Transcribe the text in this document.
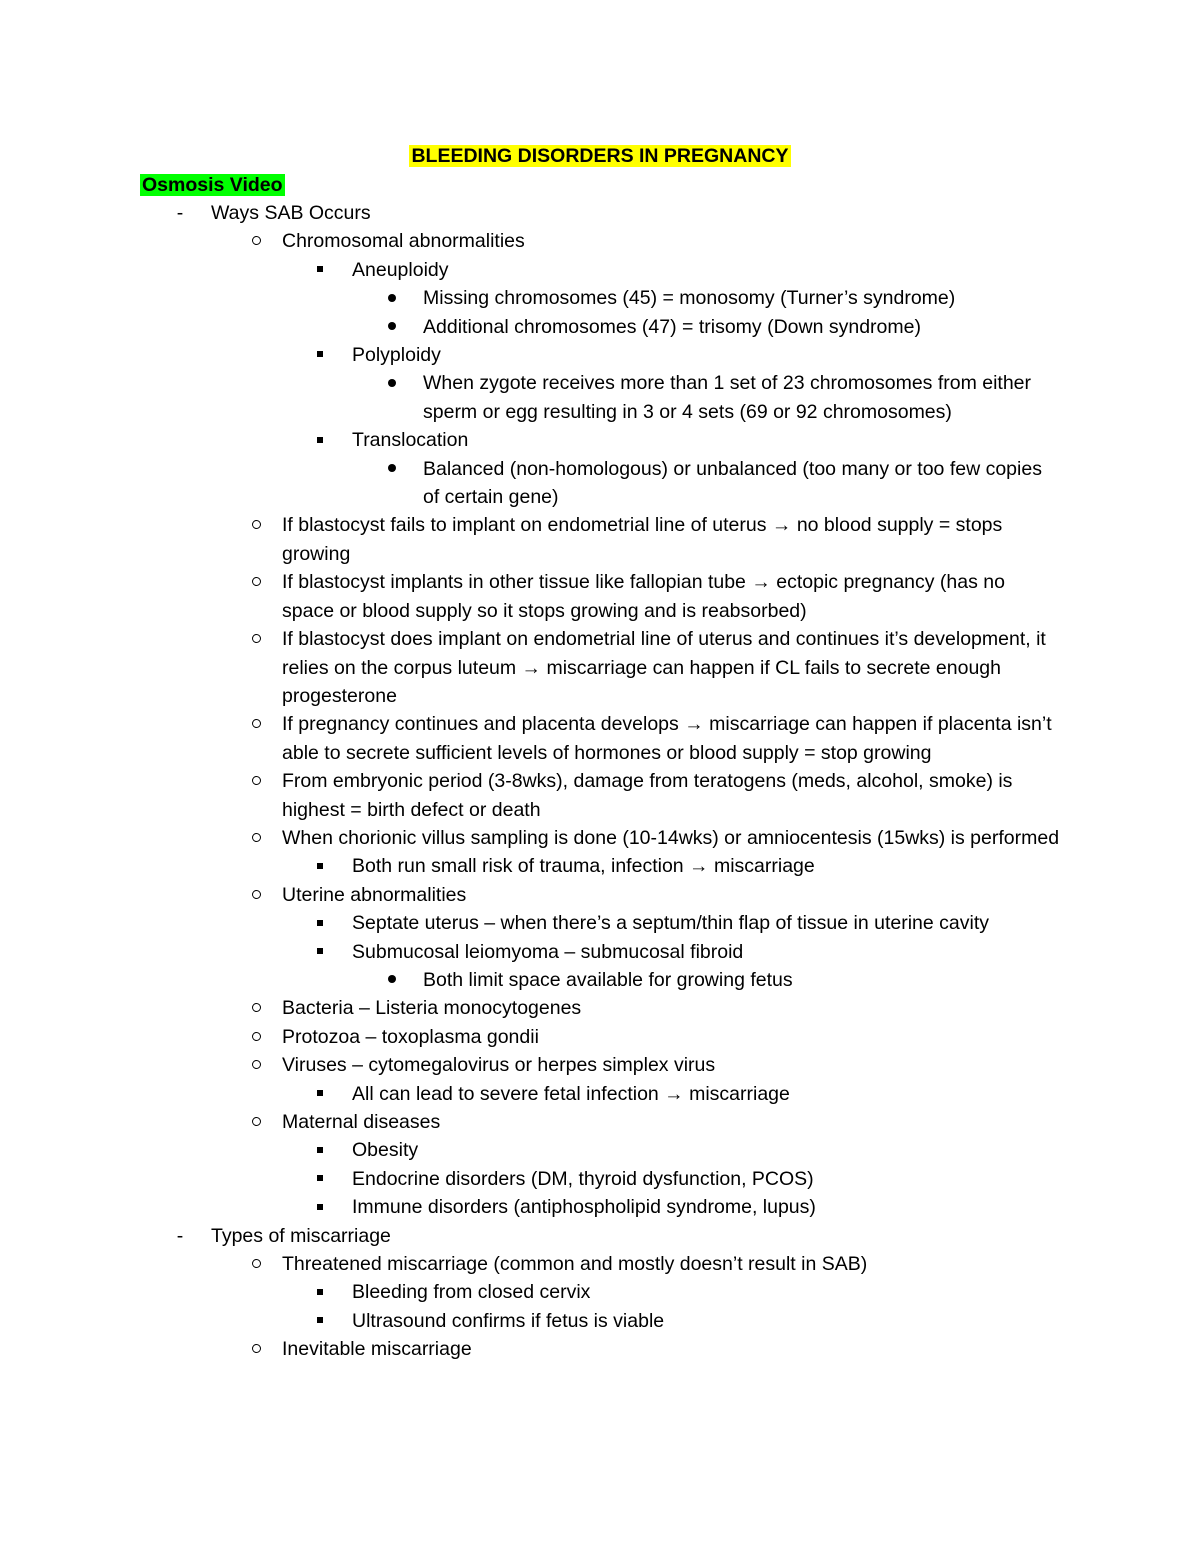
BLEEDING DISORDERS IN PREGNANCY
Osmosis Video
-	Ways SAB Occurs
Chromosomal abnormalities
Aneuploidy
Missing chromosomes (45) = monosomy (Turner’s syndrome)
Additional chromosomes (47) = trisomy (Down syndrome)
Polyploidy
When zygote receives more than 1 set of 23 chromosomes from either sperm or egg resulting in 3 or 4 sets (69 or 92 chromosomes)
Translocation
Balanced (non-homologous) or unbalanced (too many or too few copies of certain gene)
If blastocyst fails to implant on endometrial line of uterus → no blood supply = stops growing
If blastocyst implants in other tissue like fallopian tube → ectopic pregnancy (has no space or blood supply so it stops growing and is reabsorbed)
If blastocyst does implant on endometrial line of uterus and continues it’s development, it relies on the corpus luteum → miscarriage can happen if CL fails to secrete enough progesterone
If pregnancy continues and placenta develops → miscarriage can happen if placenta isn’t able to secrete sufficient levels of hormones or blood supply = stop growing
From embryonic period (3-8wks), damage from teratogens (meds, alcohol, smoke) is highest = birth defect or death
When chorionic villus sampling is done (10-14wks) or amniocentesis (15wks) is performed
Both run small risk of trauma, infection → miscarriage
Uterine abnormalities
Septate uterus – when there’s a septum/thin flap of tissue in uterine cavity
Submucosal leiomyoma – submucosal fibroid
Both limit space available for growing fetus
Bacteria – Listeria monocytogenes
Protozoa – toxoplasma gondii
Viruses – cytomegalovirus or herpes simplex virus
All can lead to severe fetal infection → miscarriage
Maternal diseases
Obesity
Endocrine disorders (DM, thyroid dysfunction, PCOS)
Immune disorders (antiphospholipid syndrome, lupus)
-	Types of miscarriage
Threatened miscarriage (common and mostly doesn’t result in SAB)
Bleeding from closed cervix
Ultrasound confirms if fetus is viable
Inevitable miscarriage
